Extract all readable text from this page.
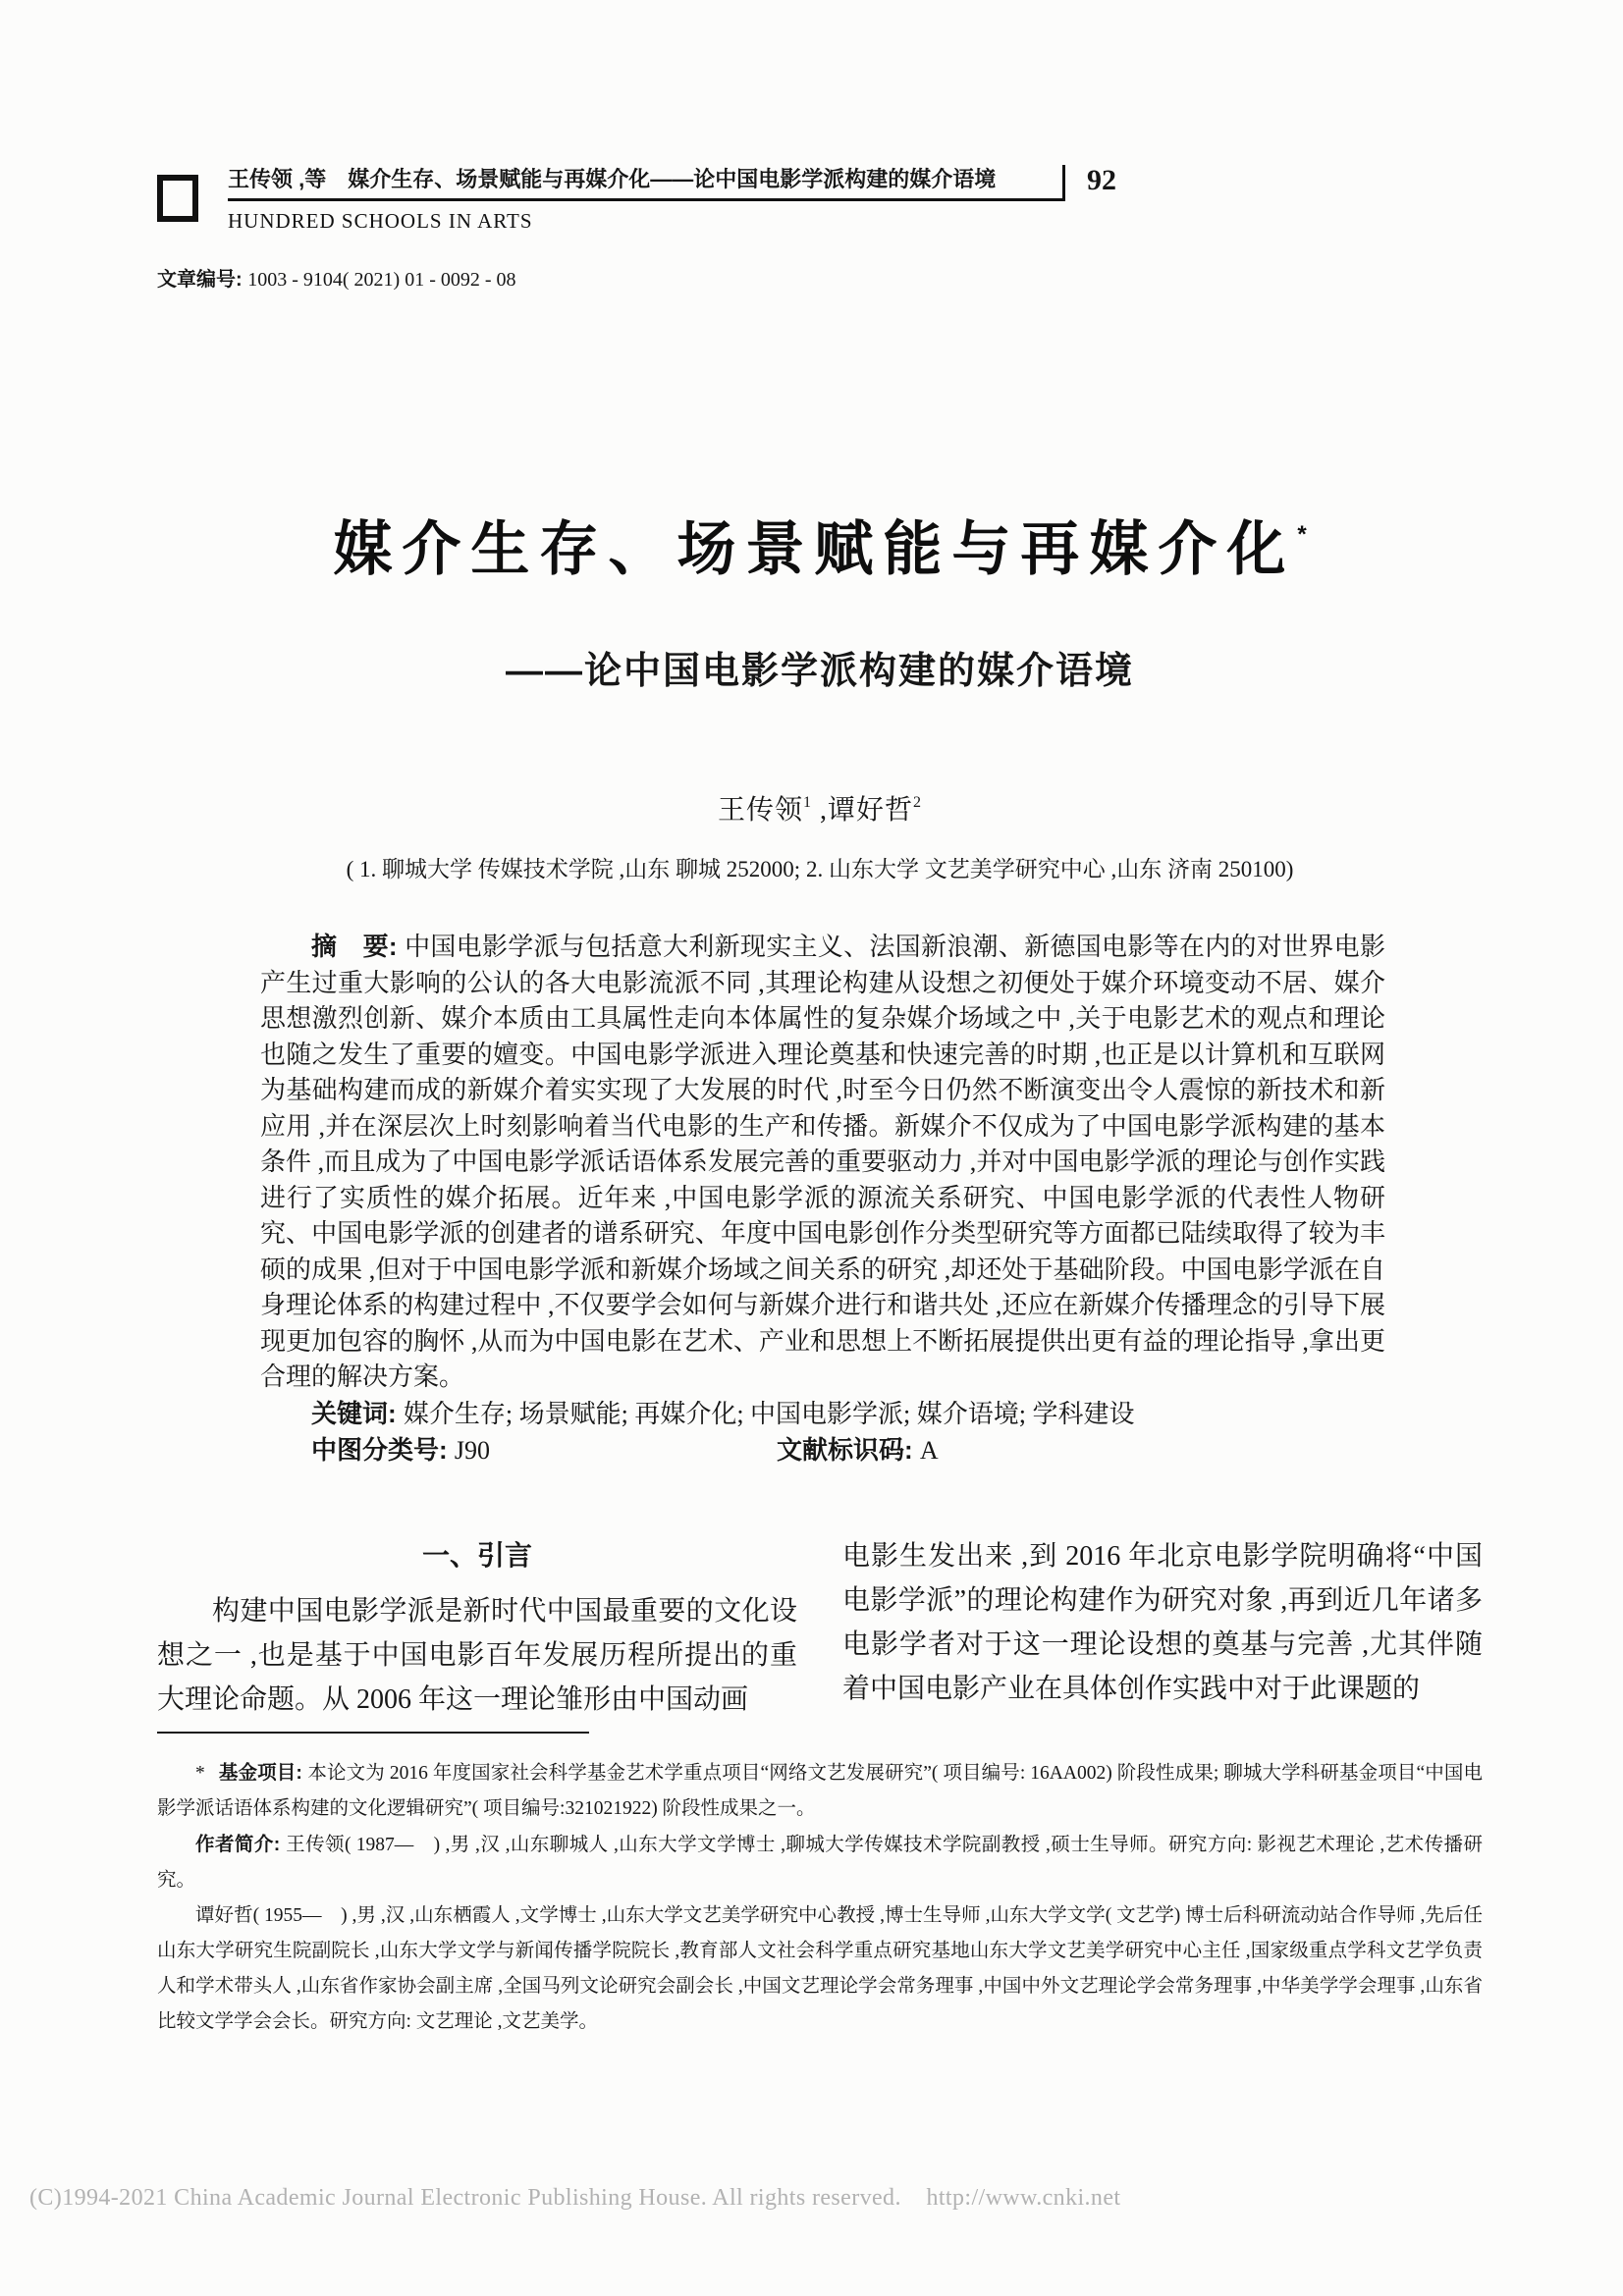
王传领 ,等　媒介生存、场景赋能与再媒介化——论中国电影学派构建的媒介语境	92
HUNDRED SCHOOLS IN ARTS
文章编号: 1003 - 9104( 2021) 01 - 0092 - 08
媒介生存、场景赋能与再媒介化*
——论中国电影学派构建的媒介语境
王传领$^1$ ,谭好哲$^2$
( 1. 聊城大学 传媒技术学院 ,山东 聊城 252000; 2. 山东大学 文艺美学研究中心 ,山东 济南 250100)

摘　要: 中国电影学派与包括意大利新现实主义、法国新浪潮、新德国电影等在内的对世界电影产生过重大影响的公认的各大电影流派不同 ,其理论构建从设想之初便处于媒介环境变动不居、媒介思想激烈创新、媒介本质由工具属性走向本体属性的复杂媒介场域之中 ,关于电影艺术的观点和理论也随之发生了重要的嬗变。中国电影学派进入理论奠基和快速完善的时期 ,也正是以计算机和互联网为基础构建而成的新媒介着实实现了大发展的时代 ,时至今日仍然不断演变出令人震惊的新技术和新应用 ,并在深层次上时刻影响着当代电影的生产和传播。新媒介不仅成为了中国电影学派构建的基本条件 ,而且成为了中国电影学派话语体系发展完善的重要驱动力 ,并对中国电影学派的理论与创作实践进行了实质性的媒介拓展。近年来 ,中国电影学派的源流关系研究、中国电影学派的代表性人物研究、中国电影学派的创建者的谱系研究、年度中国电影创作分类型研究等方面都已陆续取得了较为丰硕的成果 ,但对于中国电影学派和新媒介场域之间关系的研究 ,却还处于基础阶段。中国电影学派在自身理论体系的构建过程中 ,不仅要学会如何与新媒介进行和谐共处 ,还应在新媒介传播理念的引导下展现更加包容的胸怀 ,从而为中国电影在艺术、产业和思想上不断拓展提供出更有益的理论指导 ,拿出更合理的解决方案。

关键词: 媒介生存; 场景赋能; 再媒介化; 中国电影学派; 媒介语境; 学科建设

中图分类号: J90	文献标识码: A

一、引言

构建中国电影学派是新时代中国最重要的文化设想之一 ,也是基于中国电影百年发展历程所提出的重大理论命题。从 2006 年这一理论雏形由中国动画

电影生发出来 ,到 2016 年北京电影学院明确将“中国电影学派”的理论构建作为研究对象 ,再到近几年诸多电影学者对于这一理论设想的奠基与完善 ,尤其伴随着中国电影产业在具体创作实践中对于此课题的

* 基金项目: 本论文为 2016 年度国家社会科学基金艺术学重点项目“网络文艺发展研究”( 项目编号: 16AA002) 阶段性成果; 聊城大学科研基金项目“中国电影学派话语体系构建的文化逻辑研究”( 项目编号:321021922) 阶段性成果之一。

作者简介: 王传领( 1987—　) ,男 ,汉 ,山东聊城人 ,山东大学文学博士 ,聊城大学传媒技术学院副教授 ,硕士生导师。研究方向: 影视艺术理论 ,艺术传播研究。

谭好哲( 1955—　) ,男 ,汉 ,山东栖霞人 ,文学博士 ,山东大学文艺美学研究中心教授 ,博士生导师 ,山东大学文学( 文艺学) 博士后科研流动站合作导师 ,先后任山东大学研究生院副院长 ,山东大学文学与新闻传播学院院长 ,教育部人文社会科学重点研究基地山东大学文艺美学研究中心主任 ,国家级重点学科文艺学负责人和学术带头人 ,山东省作家协会副主席 ,全国马列文论研究会副会长 ,中国文艺理论学会常务理事 ,中国中外文艺理论学会常务理事 ,中华美学学会理事 ,山东省比较文学学会会长。研究方向: 文艺理论 ,文艺美学。

(C)1994-2021 China Academic Journal Electronic Publishing House. All rights reserved.    http://www.cnki.net
